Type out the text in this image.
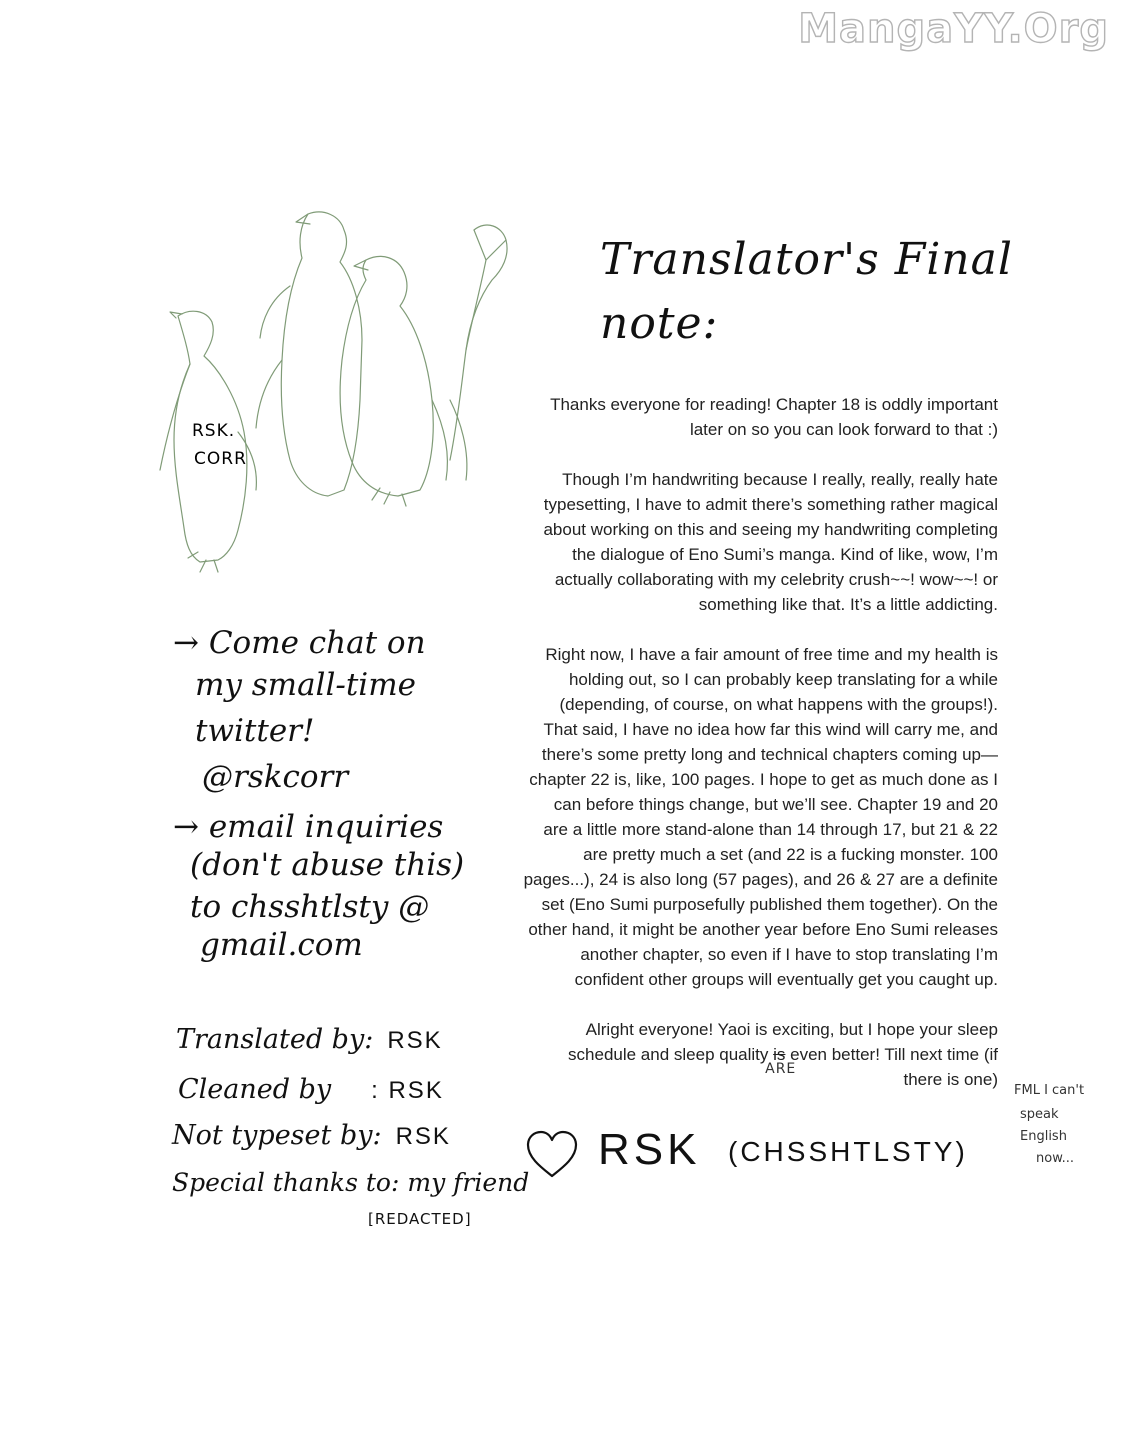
MangaYY.Org
RSK.
CORR
Translator's Final
note:

Thanks everyone for reading! Chapter 18 is oddly important
later on so you can look forward to that :)

Though I’m handwriting because I really, really, really hate
typesetting, I have to admit there’s something rather magical
about working on this and seeing my handwriting completing
the dialogue of Eno Sumi’s manga. Kind of like, wow, I’m
actually collaborating with my celebrity crush~~! wow~~! or
something like that. It’s a little addicting.

Right now, I have a fair amount of free time and my health is
holding out, so I can probably keep translating for a while
(depending, of course, on what happens with the groups!).
That said, I have no idea how far this wind will carry me, and
there’s some pretty long and technical chapters coming up—
chapter 22 is, like, 100 pages. I hope to get as much done as I
can before things change, but we’ll see. Chapter 19 and 20
are a little more stand-alone than 14 through 17, but 21 & 22
are pretty much a set (and 22 is a fucking monster. 100
pages...), 24 is also long (57 pages), and 26 & 27 are a definite
set (Eno Sumi purposefully published them together). On the
other hand, it might be another year before Eno Sumi releases
another chapter, so even if I have to stop translating I’m
confident other groups will eventually get you caught up.

Alright everyone! Yaoi is exciting, but I hope your sleep
schedule and sleep quality is
ARE
even better! Till next time (if
there is one)
→ Come chat on
my small-time
twitter!
@rskcorr
→ email inquiries
(don't abuse this)
to chsshtlsty @
gmail.com
Translated by: RSK
Cleaned by : RSK
Not typeset by: RSK
Special thanks to: my friend
[REDACTED]
FML I can't
speak
English
now...
RSK (CHSSHTLSTY)
